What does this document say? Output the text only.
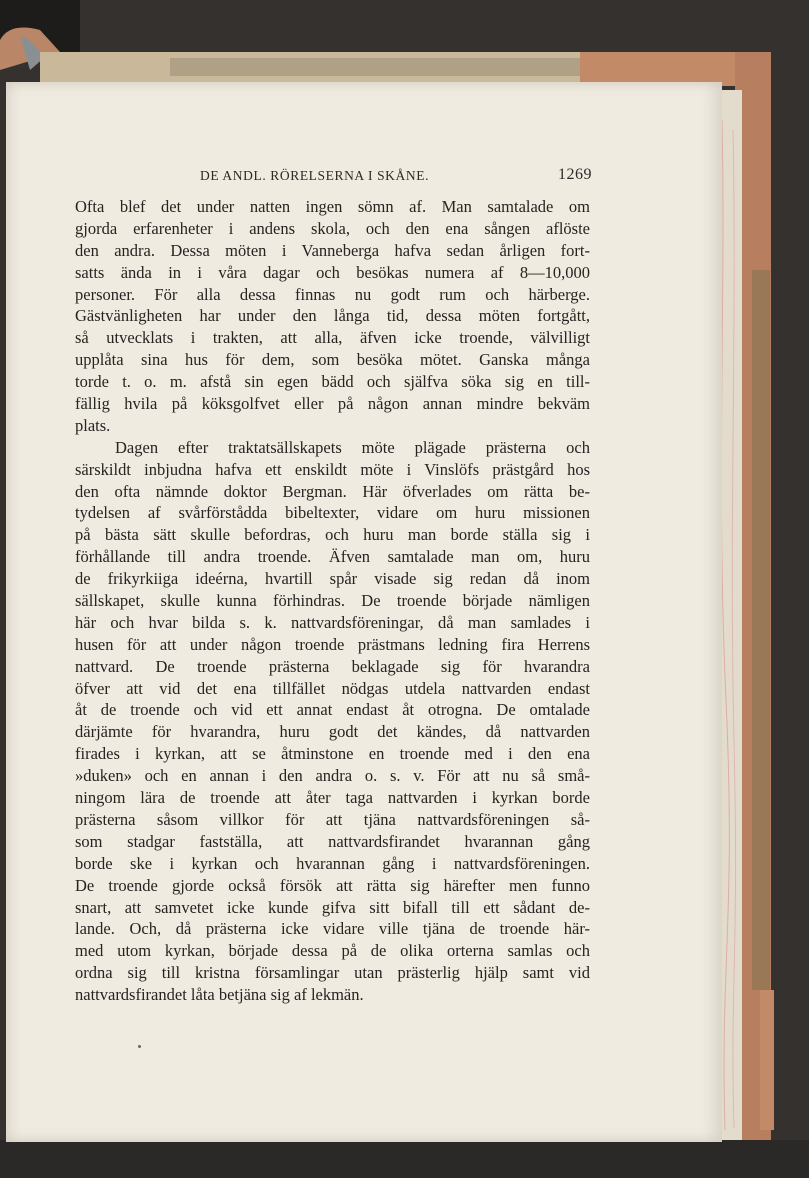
DE ANDL. RÖRELSERNA I SKÅNE.	1269
Ofta blef det under natten ingen sömn af. Man samtalade om
gjorda erfarenheter i andens skola, och den ena sången aflöste
den andra. Dessa möten i Vanneberga hafva sedan årligen fort-
satts ända in i våra dagar och besökas numera af 8—10,000
personer. För alla dessa finnas nu godt rum och härberge.
Gästvänligheten har under den långa tid, dessa möten fortgått,
så utvecklats i trakten, att alla, äfven icke troende, välvilligt
upplåta sina hus för dem, som besöka mötet. Ganska många
torde t. o. m. afstå sin egen bädd och själfva söka sig en till-
fällig hvila på köksgolfvet eller på någon annan mindre bekväm
plats.
Dagen efter traktatsällskapets möte plägade prästerna och
särskildt inbjudna hafva ett enskildt möte i Vinslöfs prästgård hos
den ofta nämnde doktor Bergman. Här öfverlades om rätta be-
tydelsen af svårförstådda bibeltexter, vidare om huru missionen
på bästa sätt skulle befordras, och huru man borde ställa sig i
förhållande till andra troende. Äfven samtalade man om, huru
de frikyrkiiga ideérna, hvartill spår visade sig redan då inom
sällskapet, skulle kunna förhindras. De troende började nämligen
här och hvar bilda s. k. nattvardsföreningar, då man samlades i
husen för att under någon troende prästmans ledning fira Herrens
nattvard. De troende prästerna beklagade sig för hvarandra
öfver att vid det ena tillfället nödgas utdela nattvarden endast
åt de troende och vid ett annat endast åt otrogna. De omtalade
därjämte för hvarandra, huru godt det kändes, då nattvarden
firades i kyrkan, att se åtminstone en troende med i den ena
»duken» och en annan i den andra o. s. v. För att nu så små-
ningom lära de troende att åter taga nattvarden i kyrkan borde
prästerna såsom villkor för att tjäna nattvardsföreningen så-
som stadgar fastställa, att nattvardsfirandet hvarannan gång
borde ske i kyrkan och hvarannan gång i nattvardsföreningen.
De troende gjorde också försök att rätta sig härefter men funno
snart, att samvetet icke kunde gifva sitt bifall till ett sådant de-
lande. Och, då prästerna icke vidare ville tjäna de troende här-
med utom kyrkan, började dessa på de olika orterna samlas och
ordna sig till kristna församlingar utan prästerlig hjälp samt vid
nattvardsfirandet låta betjäna sig af lekmän.
